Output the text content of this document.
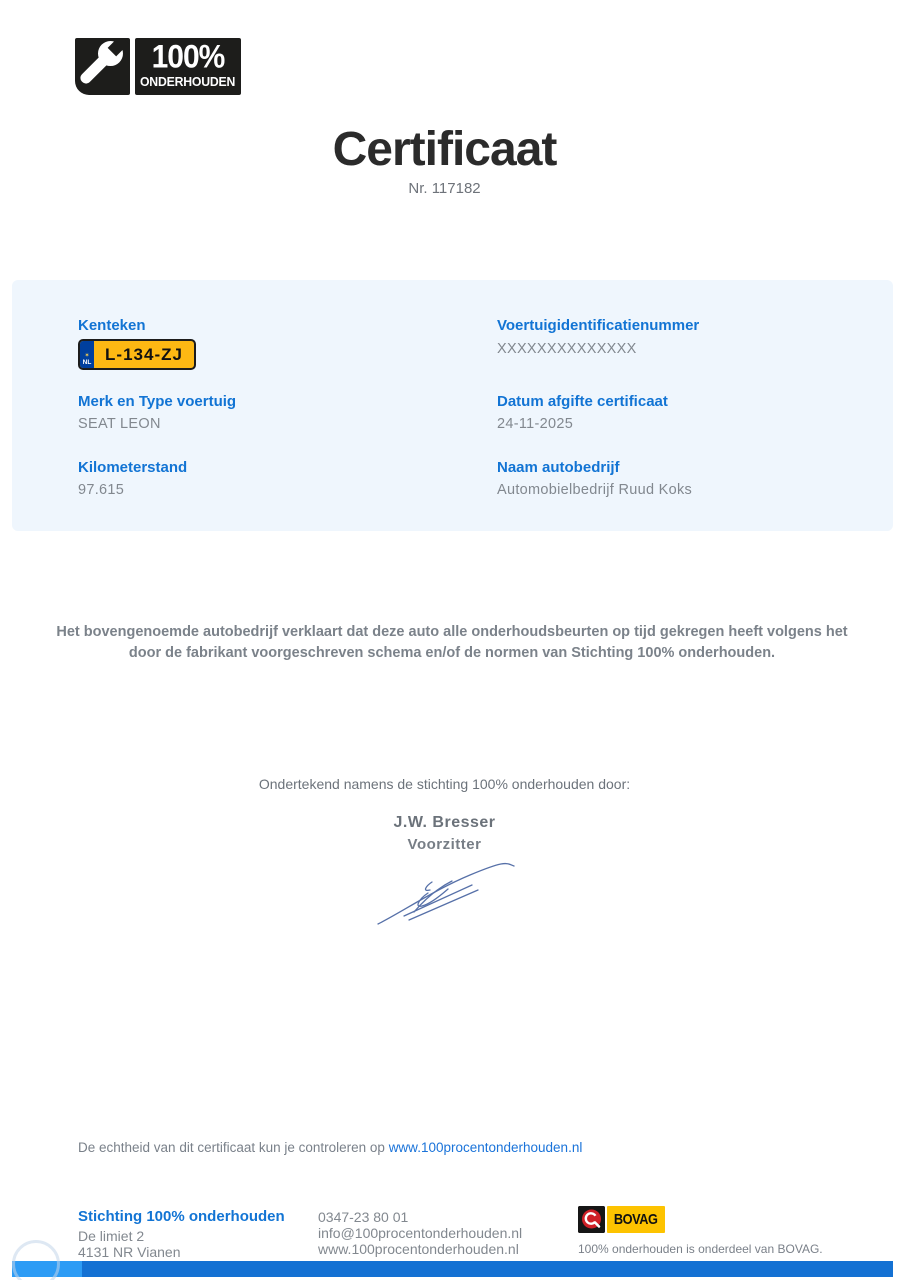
100%
ONDERHOUDEN
Certificaat
Nr. 117182
Kenteken
✶
NL L-134-ZJ
Voertuigidentificatienummer
XXXXXXXXXXXXXX
Merk en Type voertuig
SEAT LEON
Datum afgifte certificaat
24-11-2025
Kilometerstand
97.615
Naam autobedrijf
Automobielbedrijf Ruud Koks
Het bovengenoemde autobedrijf verklaart dat deze auto alle onderhoudsbeurten op tijd gekregen heeft volgens het door de fabrikant voorgeschreven schema en/of de normen van Stichting 100% onderhouden.
Ondertekend namens de stichting 100% onderhouden door:
J.W. Bresser
Voorzitter
De echtheid van dit certificaat kun je controleren op www.100procentonderhouden.nl
Stichting 100% onderhouden
De limiet 2
4131 NR Vianen
0347-23 80 01
info@100procentonderhouden.nl
www.100procentonderhouden.nl
BOVAG
100% onderhouden is onderdeel van BOVAG.
